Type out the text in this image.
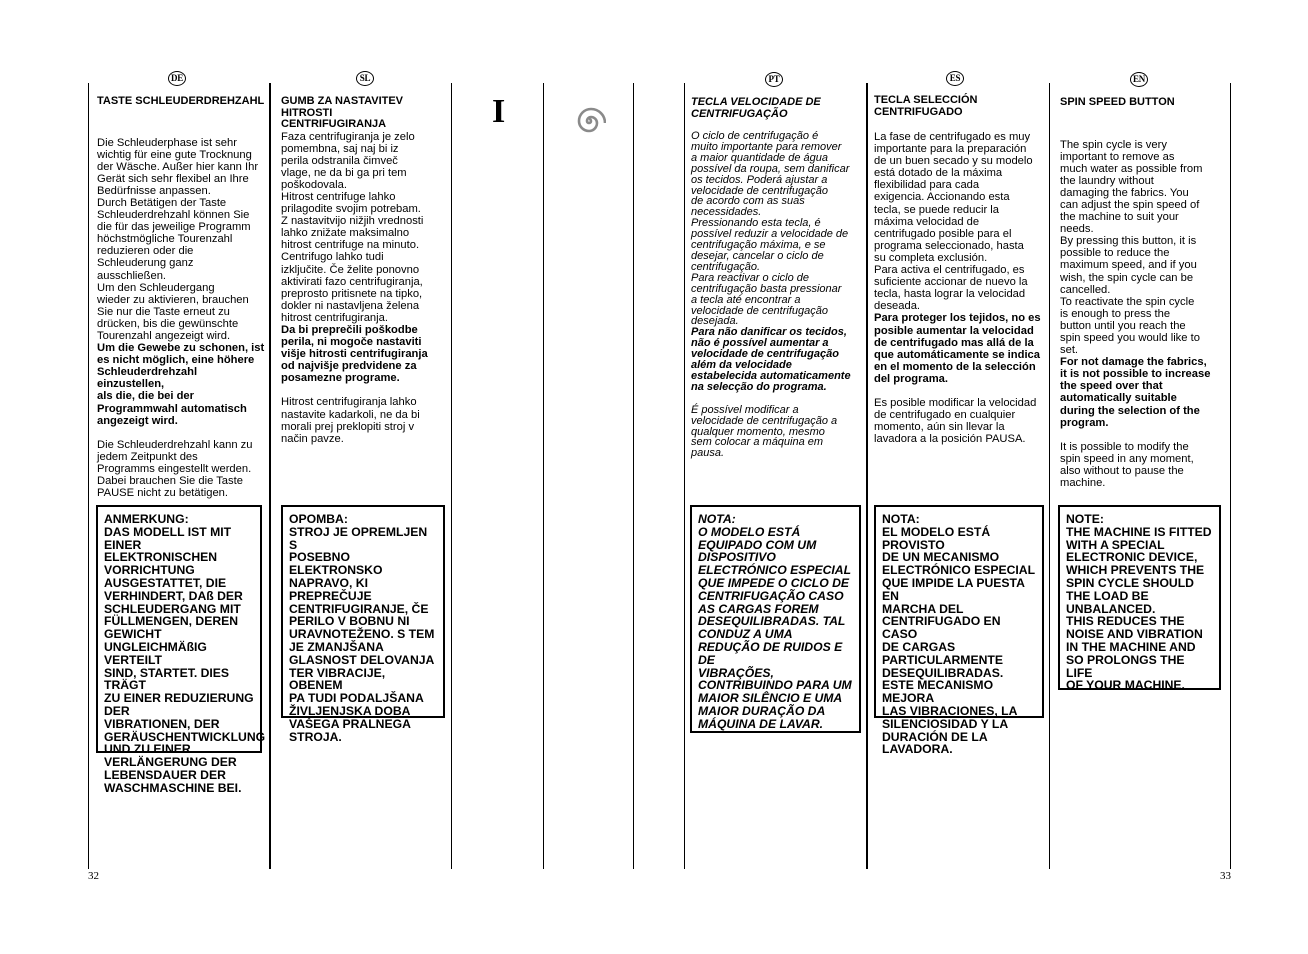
I
DE

TASTE SCHLEUDERDREHZAHL

Die Schleuderphase ist sehr
wichtig für eine gute Trocknung
der Wäsche. Außer hier kann Ihr
Gerät sich sehr flexibel an Ihre
Bedürfnisse anpassen.
Durch Betätigen der Taste
Schleuderdrehzahl können Sie
die für das jeweilige Programm
höchstmögliche Tourenzahl
reduzieren oder die
Schleuderung ganz
ausschließen.
Um den Schleudergang
wieder zu aktivieren, brauchen
Sie nur die Taste erneut zu
drücken, bis die gewünschte
Tourenzahl angezeigt wird.

Um die Gewebe zu schonen, ist
es nicht möglich, eine höhere
Schleuderdrehzahl einzustellen,
als die, die bei der
Programmwahl automatisch
angezeigt wird.

Die Schleuderdrehzahl kann zu
jedem Zeitpunkt des
Programms eingestellt werden.
Dabei brauchen Sie die Taste
PAUSE nicht zu betätigen.

ANMERKUNG:
DAS MODELL IST MIT EINER
ELEKTRONISCHEN
VORRICHTUNG
AUSGESTATTET, DIE
VERHINDERT, DAß DER
SCHLEUDERGANG MIT
FÜLLMENGEN, DEREN
GEWICHT
UNGLEICHMÄßIG VERTEILT
SIND, STARTET. DIES TRÄGT
ZU EINER REDUZIERUNG DER
VIBRATIONEN, DER
GERÄUSCHENTWICKLUNG
UND ZU EINER
VERLÄNGERUNG DER
LEBENSDAUER DER
WASCHMASCHINE BEI.
SL

GUMB ZA NASTAVITEV
HITROSTI
CENTRIFUGIRANJA

Faza centrifugiranja je zelo
pomembna, saj naj bi iz
perila odstranila čimveč
vlage, ne da bi ga pri tem
poškodovala.
Hitrost centrifuge lahko
prilagodite svojim potrebam.
Z nastavitvijo nižjih vrednosti
lahko znižate maksimalno
hitrost centrifuge na minuto.
Centrifugo lahko tudi
izključite. Če želite ponovno
aktivirati fazo centrifugiranja,
preprosto pritisnete na tipko,
dokler ni nastavljena želena
hitrost centrifugiranja.

Da bi preprečili poškodbe
perila, ni mogoče nastaviti
višje hitrosti centrifugiranja
od najvišje predvidene za
posamezne programe.

Hitrost centrifugiranja lahko
nastavite kadarkoli, ne da bi
morali prej preklopiti stroj v
način pavze.

OPOMBA:
STROJ JE OPREMLJEN S
POSEBNO ELEKTRONSKO
NAPRAVO, KI
PREPREČUJE
CENTRIFUGIRANJE, ČE
PERILO V BOBNU NI
URAVNOTEŽENO. S TEM
JE ZMANJŠANA
GLASNOST DELOVANJA
TER VIBRACIJE, OBENEM
PA TUDI PODALJŠANA
ŽIVLJENJSKA DOBA
VAŠEGA PRALNEGA
STROJA.
PT

TECLA VELOCIDADE DE
CENTRIFUGAÇÃO

O ciclo de centrifugação é
muito importante para remover
a maior quantidade de água
possível da roupa, sem danificar
os tecidos. Poderá ajustar a
velocidade de centrifugação
de acordo com as suas
necessidades.
Pressionando esta tecla, é
possível reduzir a velocidade de
centrifugação máxima, e se
desejar, cancelar o ciclo de
centrifugação.
Para reactivar o ciclo de
centrifugação basta pressionar
a tecla até encontrar a
velocidade de centrifugação
desejada.

Para não danificar os tecidos,
não é possível aumentar a
velocidade de centrifugação
além da velocidade
estabelecida automaticamente
na selecção do programa.

É possível modificar a
velocidade de centrifugação a
qualquer momento, mesmo
sem colocar a máquina em
pausa.

NOTA:
O MODELO ESTÁ
EQUIPADO COM UM
DISPOSITIVO
ELECTRÓNICO ESPECIAL
QUE IMPEDE O CICLO DE
CENTRIFUGAÇÃO CASO
AS CARGAS FOREM
DESEQUILIBRADAS. TAL
CONDUZ A UMA
REDUÇÃO DE RUIDOS E DE
VIBRAÇÕES,
CONTRIBUINDO PARA UM
MAIOR SILÊNCIO E UMA
MAIOR DURAÇÃO DA
MÁQUINA DE LAVAR.
ES

TECLA SELECCIÓN
CENTRIFUGADO

La fase de centrifugado es muy
importante para la preparación
de un buen secado y su modelo
está dotado de la máxima
flexibilidad para cada
exigencia. Accionando esta
tecla, se puede reducir la
máxima velocidad de
centrifugado posible para el
programa seleccionado, hasta
su completa exclusión.
Para activa el centrifugado, es
suficiente accionar de nuevo la
tecla, hasta lograr la velocidad
deseada.

Para proteger los tejidos, no es
posible aumentar la velocidad
de centrifugado mas allá de la
que automáticamente se indica
en el momento de la selección
del programa.

Es posible modificar la velocidad
de centrifugado en cualquier
momento, aún sin llevar la
lavadora a la posición PAUSA.

NOTA:
EL MODELO ESTÁ PROVISTO
DE UN MECANISMO
ELECTRÓNICO ESPECIAL
QUE IMPIDE LA PUESTA EN
MARCHA DEL
CENTRIFUGADO EN CASO
DE CARGAS
PARTICULARMENTE
DESEQUILIBRADAS.
ESTE MECANISMO MEJORA
LAS VIBRACIONES, LA
SILENCIOSIDAD Y LA
DURACIÓN DE LA
LAVADORA.
EN

SPIN SPEED BUTTON

The spin cycle is very
important to remove as
much water as possible from
the laundry without
damaging the fabrics. You
can adjust the spin speed of
the machine to suit your
needs.
By pressing this button, it is
possible to reduce the
maximum speed, and if you
wish, the spin cycle can be
cancelled.
To reactivate the spin cycle
is enough to press the
button until you reach the
spin speed you would like to
set.

For not damage the fabrics,
it is not possible to increase
the speed over that
automatically suitable
during the selection of the
program.

It is possible to modify the
spin speed in any moment,
also without to pause the
machine.

NOTE:
THE MACHINE IS FITTED
WITH A SPECIAL
ELECTRONIC DEVICE,
WHICH PREVENTS THE
SPIN CYCLE SHOULD
THE LOAD BE
UNBALANCED.
THIS REDUCES THE
NOISE AND VIBRATION
IN THE MACHINE AND
SO PROLONGS THE LIFE
OF YOUR MACHINE.
32	33
